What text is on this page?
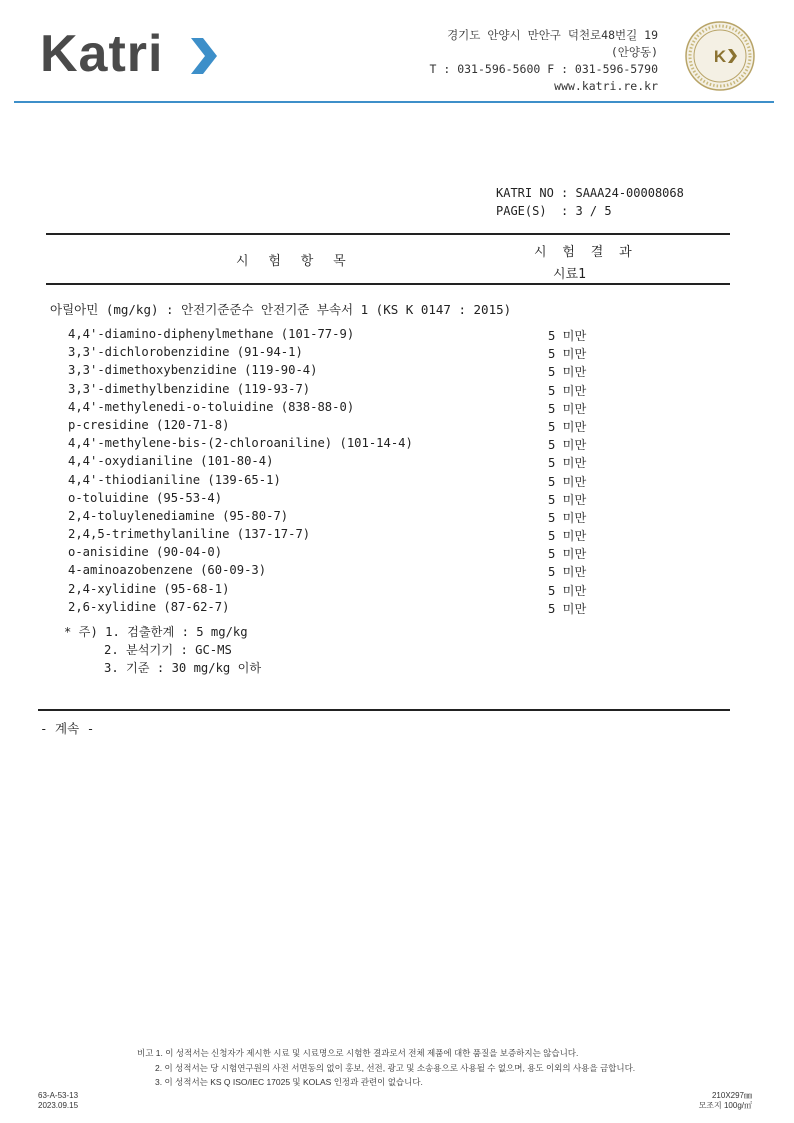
Katri	경기도 안양시 만안구 덕천로48번길 19
(안양동)
T : 031-596-5600 F : 031-596-5790
www.katri.re.kr
K
KATRI NO : SAAA24-00008068
PAGE(S)  : 3 / 5
시 험 항 목
시 험 결 과
시료1
아릴아민 (mg/kg) : 안전기준준수 안전기준 부속서 1 (KS K 0147 : 2015)
4,4'-diamino-diphenylmethane (101-77-9)	5 미만
3,3'-dichlorobenzidine (91-94-1)	5 미만
3,3'-dimethoxybenzidine (119-90-4)	5 미만
3,3'-dimethylbenzidine (119-93-7)	5 미만
4,4'-methylenedi-o-toluidine (838-88-0)	5 미만
p-cresidine (120-71-8)	5 미만
4,4'-methylene-bis-(2-chloroaniline) (101-14-4)	5 미만
4,4'-oxydianiline (101-80-4)	5 미만
4,4'-thiodianiline (139-65-1)	5 미만
o-toluidine (95-53-4)	5 미만
2,4-toluylenediamine (95-80-7)	5 미만
2,4,5-trimethylaniline (137-17-7)	5 미만
o-anisidine (90-04-0)	5 미만
4-aminoazobenzene (60-09-3)	5 미만
2,4-xylidine (95-68-1)	5 미만
2,6-xylidine (87-62-7)	5 미만
* 주) 1. 검출한계 : 5 mg/kg
2. 분석기기 : GC-MS
3. 기준 : 30 mg/kg 이하
- 계속 -
비고 1. 이 성적서는 신청자가 제시한 시료 및 시료명으로 시험한 결과로서 전체 제품에 대한 품질을 보증하지는 않습니다.
2. 이 성적서는 당 시험연구원의 사전 서면동의 없이 홍보, 선전, 광고 및 소송용으로 사용될 수 없으며, 용도 이외의 사용을 금합니다.
3. 이 성적서는 KS Q ISO/IEC 17025 및 KOLAS 인정과 관련이 없습니다.
63-A-53-13
2023.09.15
210X297㎜
모조지 100g/㎡
